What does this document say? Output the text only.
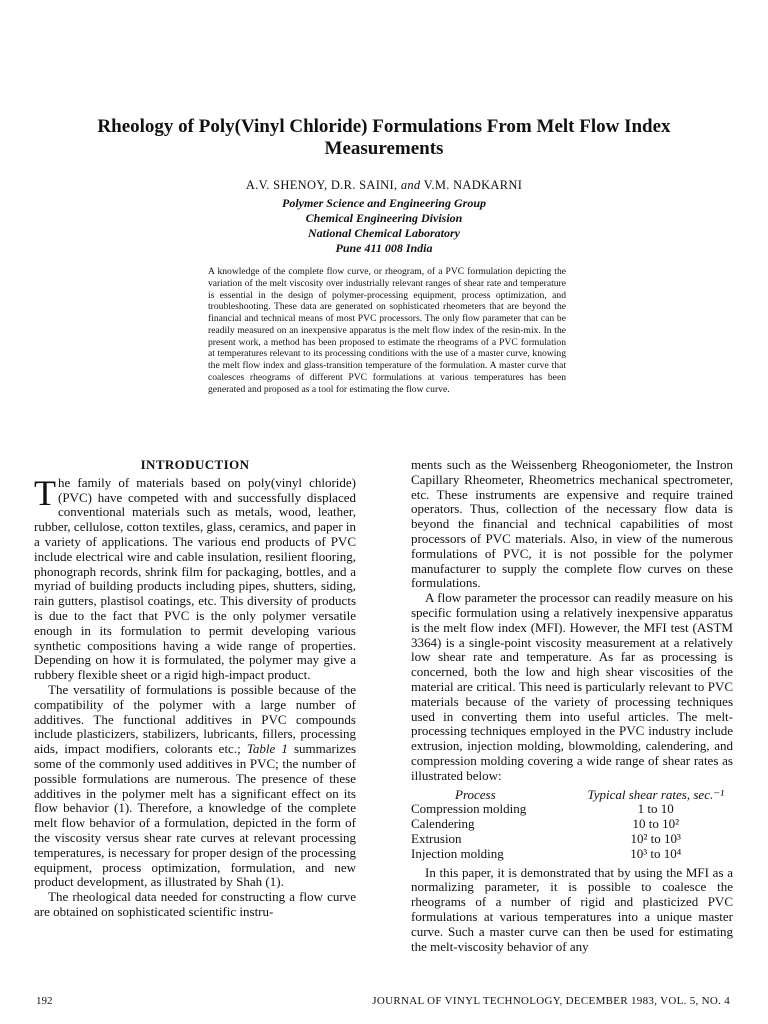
Rheology of Poly(Vinyl Chloride) Formulations From Melt Flow Index Measurements
A.V. SHENOY, D.R. SAINI, and V.M. NADKARNI
Polymer Science and Engineering Group
Chemical Engineering Division
National Chemical Laboratory
Pune 411 008 India
A knowledge of the complete flow curve, or rheogram, of a PVC formulation depicting the variation of the melt viscosity over industrially relevant ranges of shear rate and temperature is essential in the design of polymer-processing equipment, process optimization, and troubleshooting. These data are generated on sophisticated rheometers that are beyond the financial and technical means of most PVC processors. The only flow parameter that can be readily measured on an inexpensive apparatus is the melt flow index of the resin-mix. In the present work, a method has been proposed to estimate the rheograms of a PVC formulation at temperatures relevant to its processing conditions with the use of a master curve, knowing the melt flow index and glass-transition temperature of the formulation. A master curve that coalesces rheograms of different PVC formulations at various temperatures has been generated and proposed as a tool for estimating the flow curve.
INTRODUCTION

The family of materials based on poly(vinyl chloride) (PVC) have competed with and successfully displaced conventional materials such as metals, wood, leather, rubber, cellulose, cotton textiles, glass, ceramics, and paper in a variety of applications. The various end products of PVC include electrical wire and cable insulation, resilient flooring, phonograph records, shrink film for packaging, bottles, and a myriad of building products including pipes, shutters, siding, rain gutters, plastisol coatings, etc. This diversity of products is due to the fact that PVC is the only polymer versatile enough in its formulation to permit developing various synthetic compositions having a wide range of properties. Depending on how it is formulated, the polymer may give a rubbery flexible sheet or a rigid high-impact product.

The versatility of formulations is possible because of the compatibility of the polymer with a large number of additives. The functional additives in PVC compounds include plasticizers, stabilizers, lubricants, fillers, processing aids, impact modifiers, colorants etc.; Table 1 summarizes some of the commonly used additives in PVC; the number of possible formulations are numerous. The presence of these additives in the polymer melt has a significant effect on its flow behavior (1). Therefore, a knowledge of the complete melt flow behavior of a formulation, depicted in the form of the viscosity versus shear rate curves at relevant processing temperatures, is necessary for proper design of the processing equipment, process optimization, formulation, and new product development, as illustrated by Shah (1).

The rheological data needed for constructing a flow curve are obtained on sophisticated scientific instru-

ments such as the Weissenberg Rheogoniometer, the Instron Capillary Rheometer, Rheometrics mechanical spectrometer, etc. These instruments are expensive and require trained operators. Thus, collection of the necessary flow data is beyond the financial and technical capabilities of most processors of PVC materials. Also, in view of the numerous formulations of PVC, it is not possible for the polymer manufacturer to supply the complete flow curves on these formulations.

A flow parameter the processor can readily measure on his specific formulation using a relatively inexpensive apparatus is the melt flow index (MFI). However, the MFI test (ASTM 3364) is a single-point viscosity measurement at a relatively low shear rate and temperature. As far as processing is concerned, both the low and high shear viscosities of the material are critical. This need is particularly relevant to PVC materials because of the variety of processing techniques used in converting them into useful articles. The melt-processing techniques employed in the PVC industry include extrusion, injection molding, blowmolding, calendering, and compression molding covering a wide range of shear rates as illustrated below:

Process	Typical shear rates, sec.⁻¹
Compression molding	1 to 10
Calendering	10 to 10²
Extrusion	10² to 10³
Injection molding	10³ to 10⁴

In this paper, it is demonstrated that by using the MFI as a normalizing parameter, it is possible to coalesce the rheograms of a number of rigid and plasticized PVC formulations at various temperatures into a unique master curve. Such a master curve can then be used for estimating the melt-viscosity behavior of any

192	JOURNAL OF VINYL TECHNOLOGY, DECEMBER 1983, VOL. 5, NO. 4
